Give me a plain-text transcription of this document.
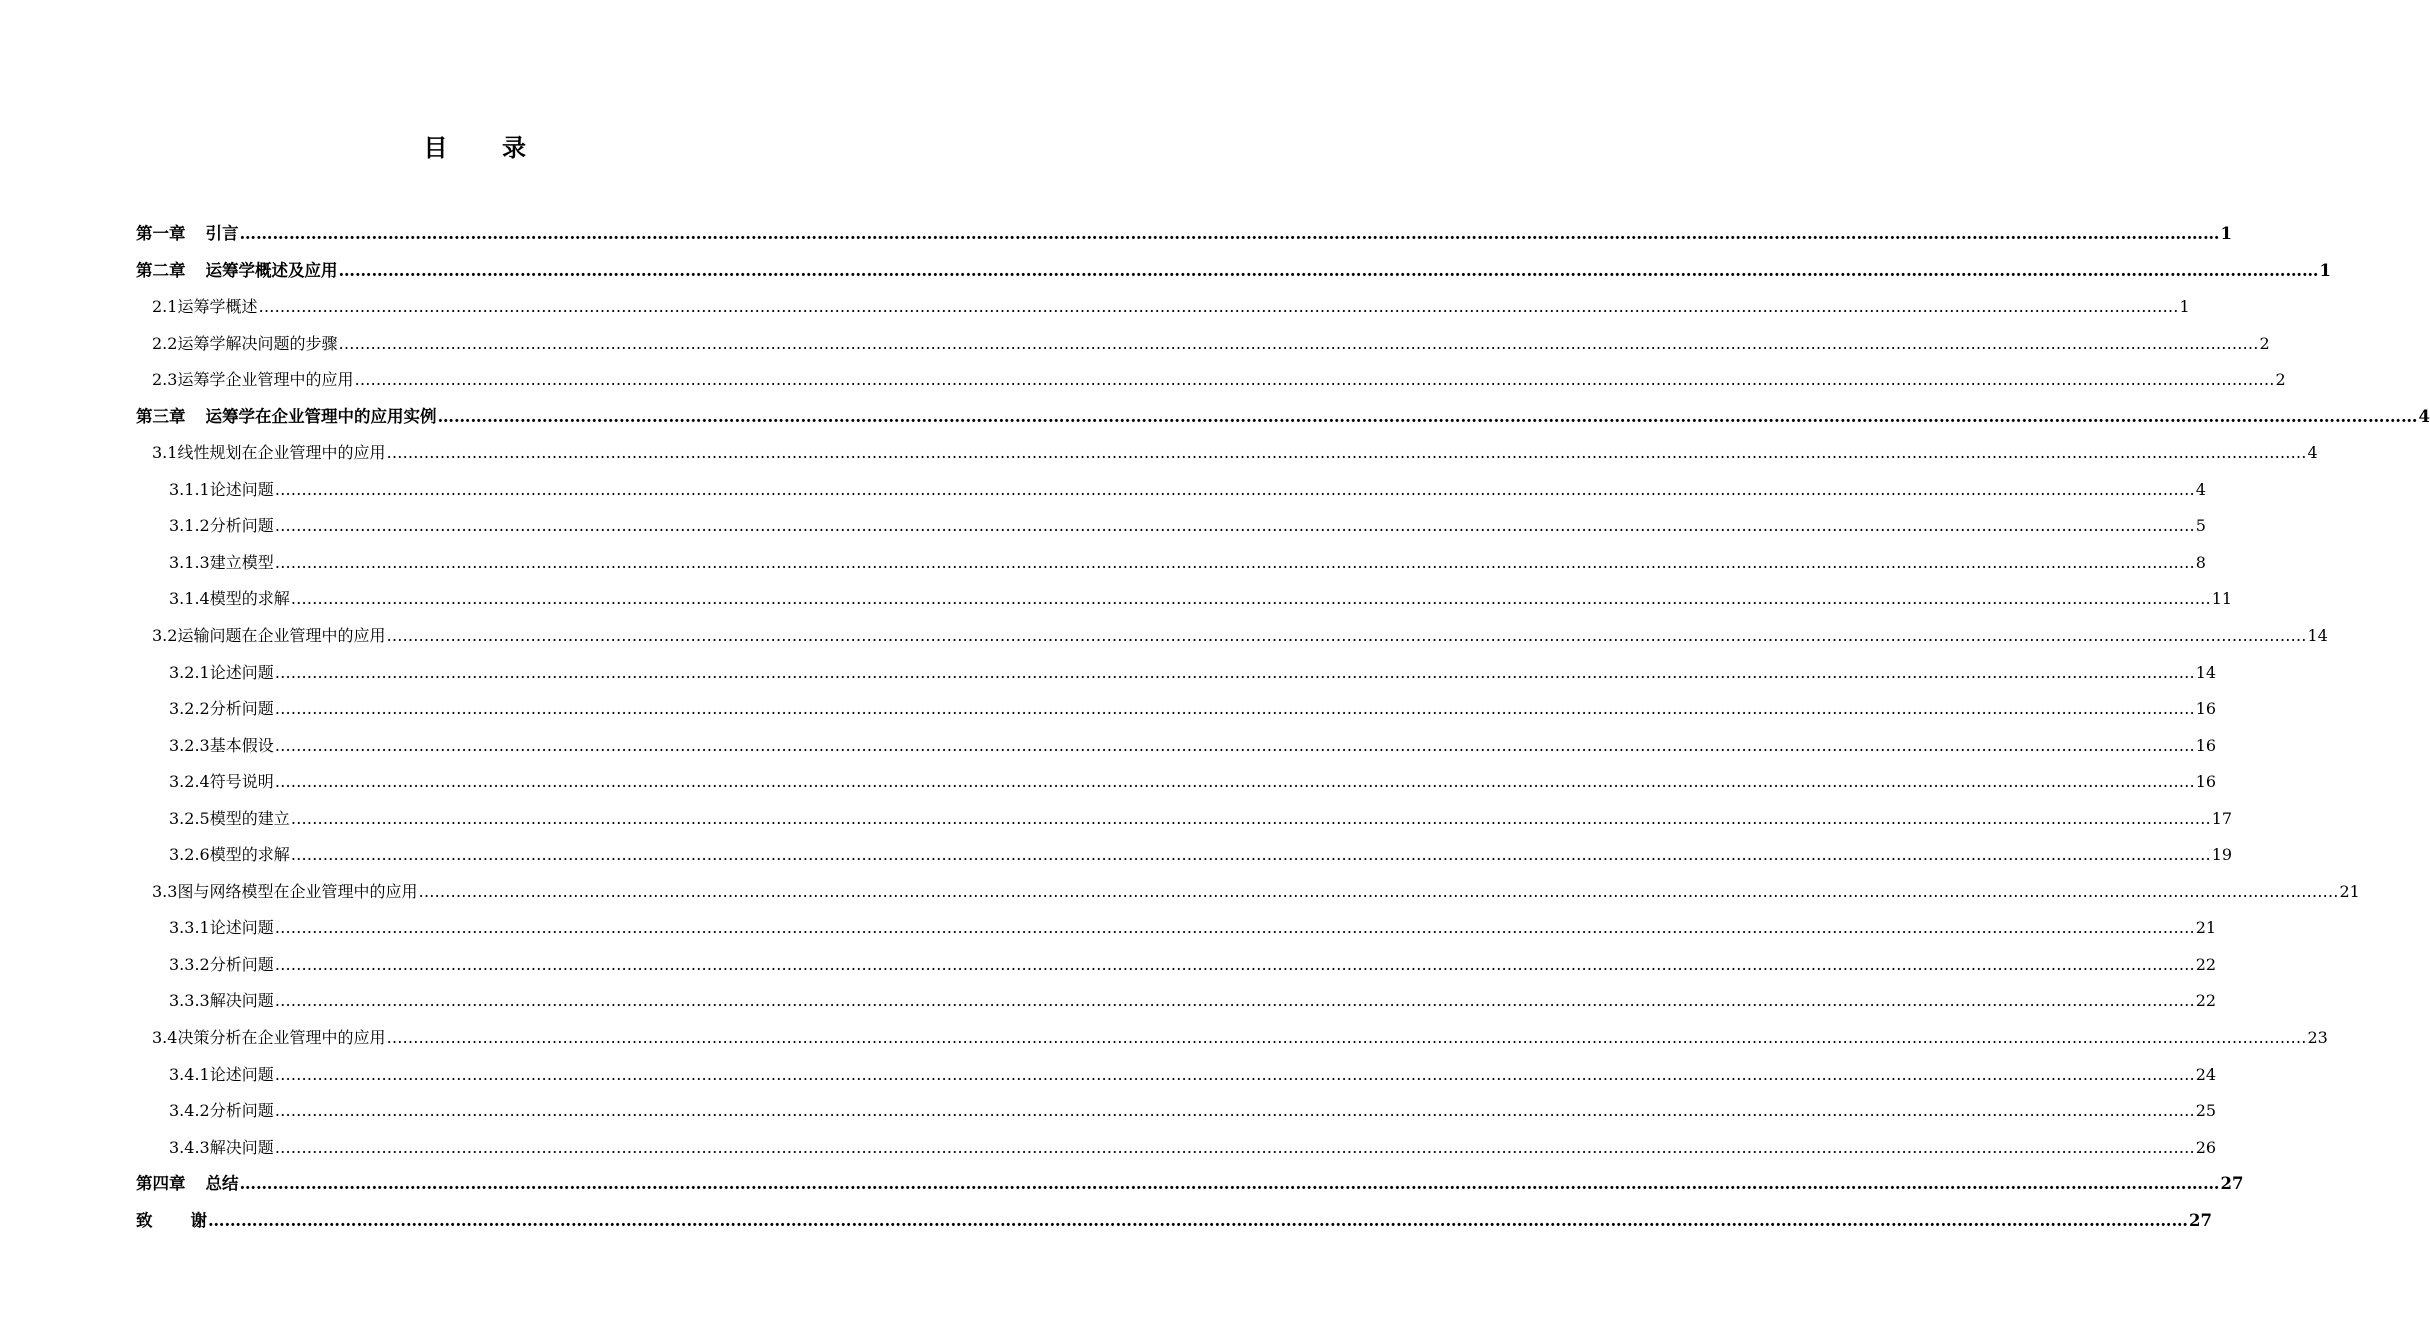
目 录
第一章 引言 ……………………………………………………………………………………………………………………………………………………………………………………………………………………………………………………………………………………………………………………………… 1
第二章 运筹学概述及应用 ……………………………………………………………………………………………………………………………………………………………………………………………………………………………………………………………………………………………………………………………… 1
2.1运筹学概述 ……………………………………………………………………………………………………………………………………………………………………………………………………………………………………………………………………………………………………………………………… 1
2.2运筹学解决问题的步骤 ……………………………………………………………………………………………………………………………………………………………………………………………………………………………………………………………………………………………………………………………… 2
2.3运筹学企业管理中的应用 ……………………………………………………………………………………………………………………………………………………………………………………………………………………………………………………………………………………………………………………………… 2
第三章 运筹学在企业管理中的应用实例 ……………………………………………………………………………………………………………………………………………………………………………………………………………………………………………………………………………………………………………………………… 4
3.1线性规划在企业管理中的应用 ……………………………………………………………………………………………………………………………………………………………………………………………………………………………………………………………………………………………………………………………… 4
3.1.1论述问题 ……………………………………………………………………………………………………………………………………………………………………………………………………………………………………………………………………………………………………………………………… 4
3.1.2分析问题 ……………………………………………………………………………………………………………………………………………………………………………………………………………………………………………………………………………………………………………………………… 5
3.1.3建立模型 ……………………………………………………………………………………………………………………………………………………………………………………………………………………………………………………………………………………………………………………………… 8
3.1.4模型的求解 ……………………………………………………………………………………………………………………………………………………………………………………………………………………………………………………………………………………………………………………………… 11
3.2运输问题在企业管理中的应用 ……………………………………………………………………………………………………………………………………………………………………………………………………………………………………………………………………………………………………………………………… 14
3.2.1论述问题 ……………………………………………………………………………………………………………………………………………………………………………………………………………………………………………………………………………………………………………………………… 14
3.2.2分析问题 ……………………………………………………………………………………………………………………………………………………………………………………………………………………………………………………………………………………………………………………………… 16
3.2.3基本假设 ……………………………………………………………………………………………………………………………………………………………………………………………………………………………………………………………………………………………………………………………… 16
3.2.4符号说明 ……………………………………………………………………………………………………………………………………………………………………………………………………………………………………………………………………………………………………………………………… 16
3.2.5模型的建立 ……………………………………………………………………………………………………………………………………………………………………………………………………………………………………………………………………………………………………………………………… 17
3.2.6模型的求解 ……………………………………………………………………………………………………………………………………………………………………………………………………………………………………………………………………………………………………………………………… 19
3.3图与网络模型在企业管理中的应用 ……………………………………………………………………………………………………………………………………………………………………………………………………………………………………………………………………………………………………………………………… 21
3.3.1论述问题 ……………………………………………………………………………………………………………………………………………………………………………………………………………………………………………………………………………………………………………………………… 21
3.3.2分析问题 ……………………………………………………………………………………………………………………………………………………………………………………………………………………………………………………………………………………………………………………………… 22
3.3.3解决问题 ……………………………………………………………………………………………………………………………………………………………………………………………………………………………………………………………………………………………………………………………… 22
3.4决策分析在企业管理中的应用 ……………………………………………………………………………………………………………………………………………………………………………………………………………………………………………………………………………………………………………………………… 23
3.4.1论述问题 ……………………………………………………………………………………………………………………………………………………………………………………………………………………………………………………………………………………………………………………………… 24
3.4.2分析问题 ……………………………………………………………………………………………………………………………………………………………………………………………………………………………………………………………………………………………………………………………… 25
3.4.3解决问题 ……………………………………………………………………………………………………………………………………………………………………………………………………………………………………………………………………………………………………………………………… 26
第四章 总结 ……………………………………………………………………………………………………………………………………………………………………………………………………………………………………………………………………………………………………………………………… 27
致 谢 ……………………………………………………………………………………………………………………………………………………………………………………………………………………………………………………………………………………………………………………………… 27
